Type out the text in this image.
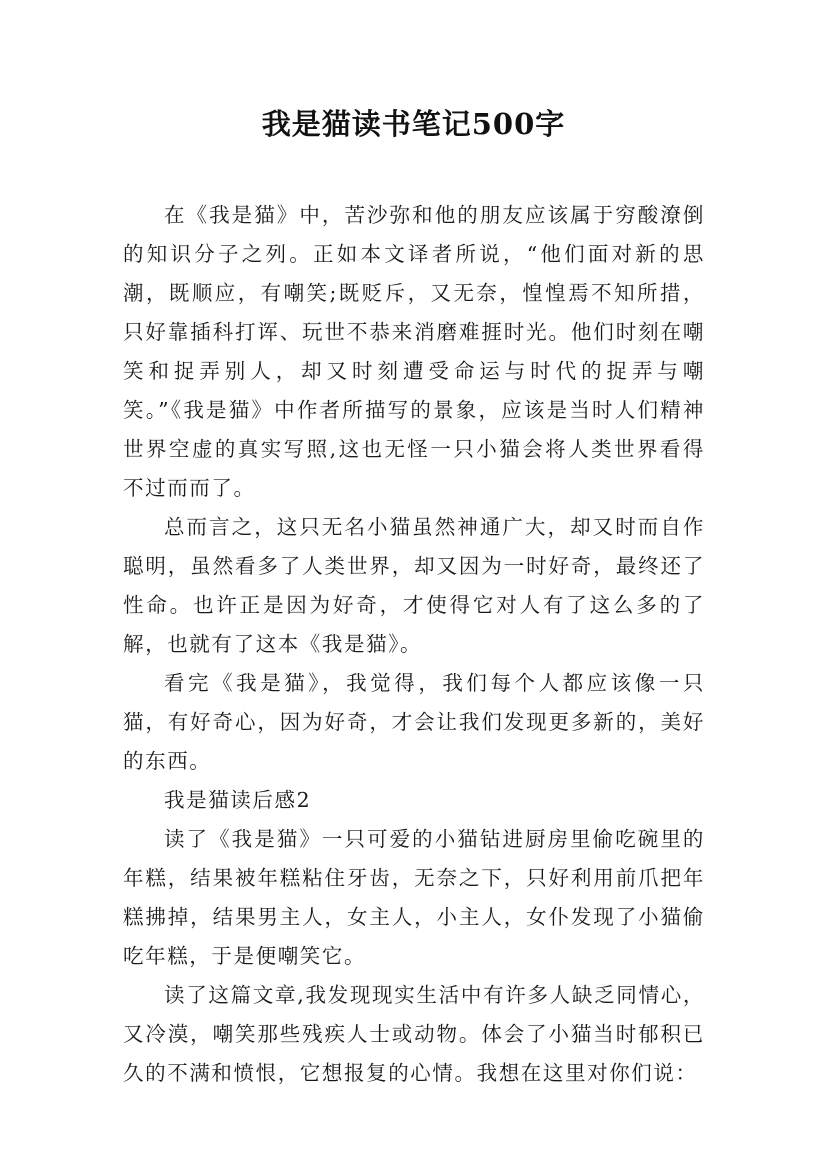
我是猫读书笔记500字

在《我是猫》中，苦沙弥和他的朋友应该属于穷酸潦倒的知识分子之列。正如本文译者所说，“他们面对新的思潮，既顺应，有嘲笑;既贬斥，又无奈，惶惶焉不知所措，只好靠插科打诨、玩世不恭来消磨难捱时光。他们时刻在嘲笑和捉弄别人，却又时刻遭受命运与时代的捉弄与嘲笑。”《我是猫》中作者所描写的景象，应该是当时人们精神世界空虚的真实写照,这也无怪一只小猫会将人类世界看得不过而而了。

总而言之，这只无名小猫虽然神通广大，却又时而自作聪明，虽然看多了人类世界，却又因为一时好奇，最终还了性命。也许正是因为好奇，才使得它对人有了这么多的了解，也就有了这本《我是猫》。

看完《我是猫》，我觉得，我们每个人都应该像一只猫，有好奇心，因为好奇，才会让我们发现更多新的，美好的东西。

我是猫读后感2

读了《我是猫》一只可爱的小猫钻进厨房里偷吃碗里的年糕，结果被年糕粘住牙齿，无奈之下，只好利用前爪把年糕拂掉，结果男主人，女主人，小主人，女仆发现了小猫偷吃年糕，于是便嘲笑它。

读了这篇文章,我发现现实生活中有许多人缺乏同情心，又冷漠，嘲笑那些残疾人士或动物。体会了小猫当时郁积已久的不满和愤恨，它想报复的心情。我想在这里对你们说：
